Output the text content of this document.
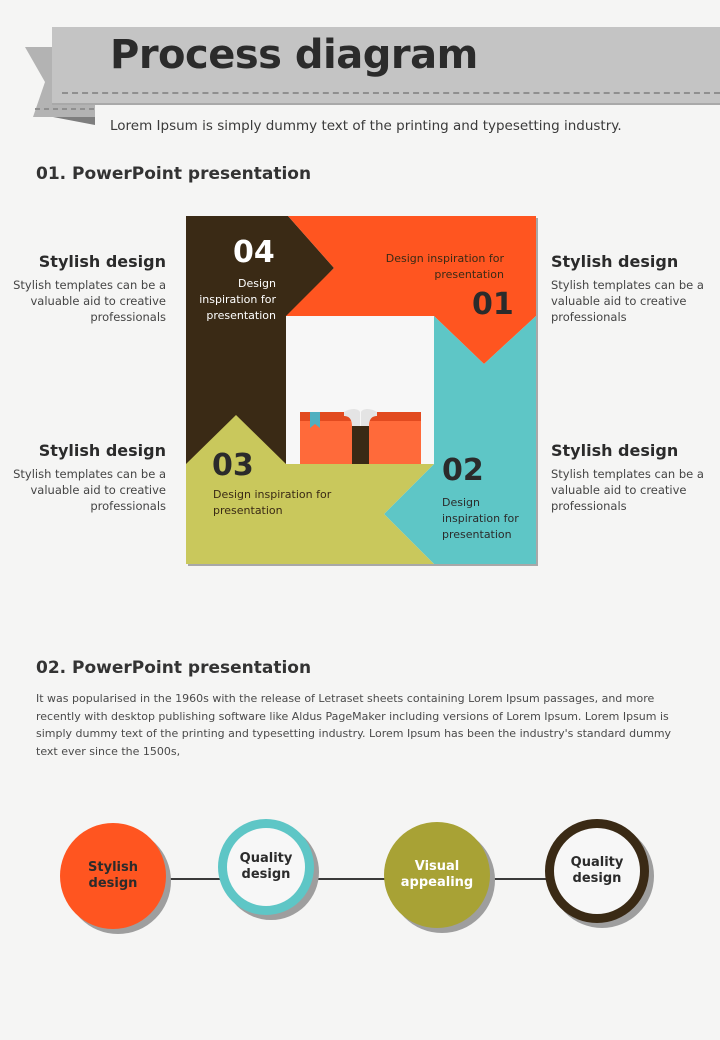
Process diagram
Lorem Ipsum is simply dummy text of the printing and typesetting industry.
01. PowerPoint presentation
04
Design inspiration for presentation
Design inspiration for presentation
01
02
Design inspiration for presentation
03
Design inspiration for presentation
Stylish design
Stylish templates can be a valuable aid to creative professionals
Stylish design
Stylish templates can be a valuable aid to creative professionals
Stylish design
Stylish templates can be a valuable aid to creative professionals
Stylish design
Stylish templates can be a valuable aid to creative professionals
02. PowerPoint presentation
It was popularised in the 1960s with the release of Letraset sheets containing Lorem Ipsum passages, and more recently with desktop publishing software like Aldus PageMaker including versions of Lorem Ipsum. Lorem Ipsum is simply dummy text of the printing and typesetting industry. Lorem Ipsum has been the industry's standard dummy text ever since the 1500s,
Stylish
design
Quality
design
Visual
appealing
Quality
design
